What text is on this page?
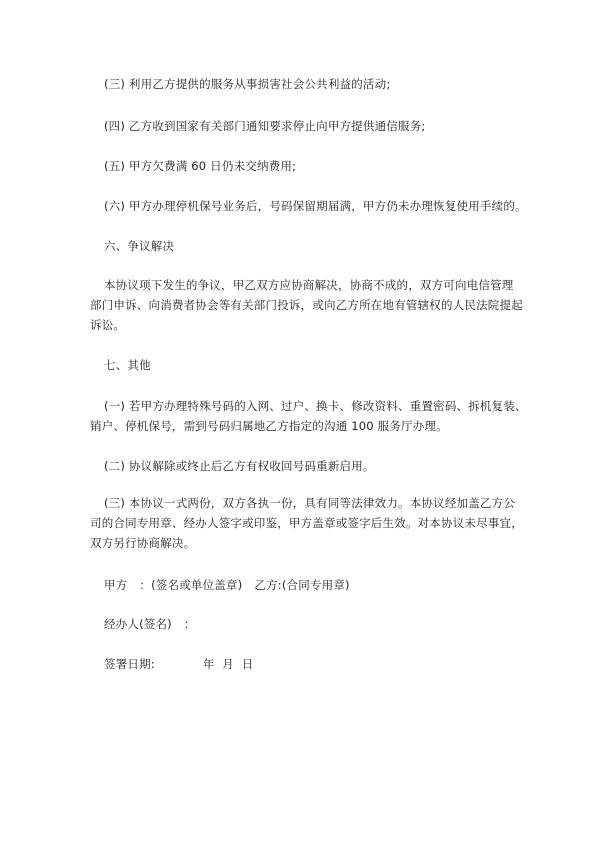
(三) 利用乙方提供的服务从事损害社会公共利益的活动;
(四) 乙方收到国家有关部门通知要求停止向甲方提供通信服务;
(五) 甲方欠费满 60 日仍未交纳费用;
(六) 甲方办理停机保号业务后，号码保留期届满，甲方仍未办理恢复使用手续的。
六、争议解决
本协议项下发生的争议，甲乙双方应协商解决，协商不成的，双方可向电信管理
部门申诉、向消费者协会等有关部门投诉，或向乙方所在地有管辖权的人民法院提起
诉讼。
七、其他
(一) 若甲方办理特殊号码的入网、过户、换卡、修改资料、重置密码、拆机复装、
销户、停机保号，需到号码归属地乙方指定的沟通 100 服务厅办理。
(二) 协议解除或终止后乙方有权收回号码重新启用。
(三) 本协议一式两份，双方各执一份，具有同等法律效力。本协议经加盖乙方公
司的合同专用章、经办人签字或印鉴，甲方盖章或签字后生效。对本协议未尽事宜，
双方另行协商解决。
甲方 ：(签名或单位盖章) 乙方:(合同专用章)
经办人(签名) ：
签署日期:	年 月 日
